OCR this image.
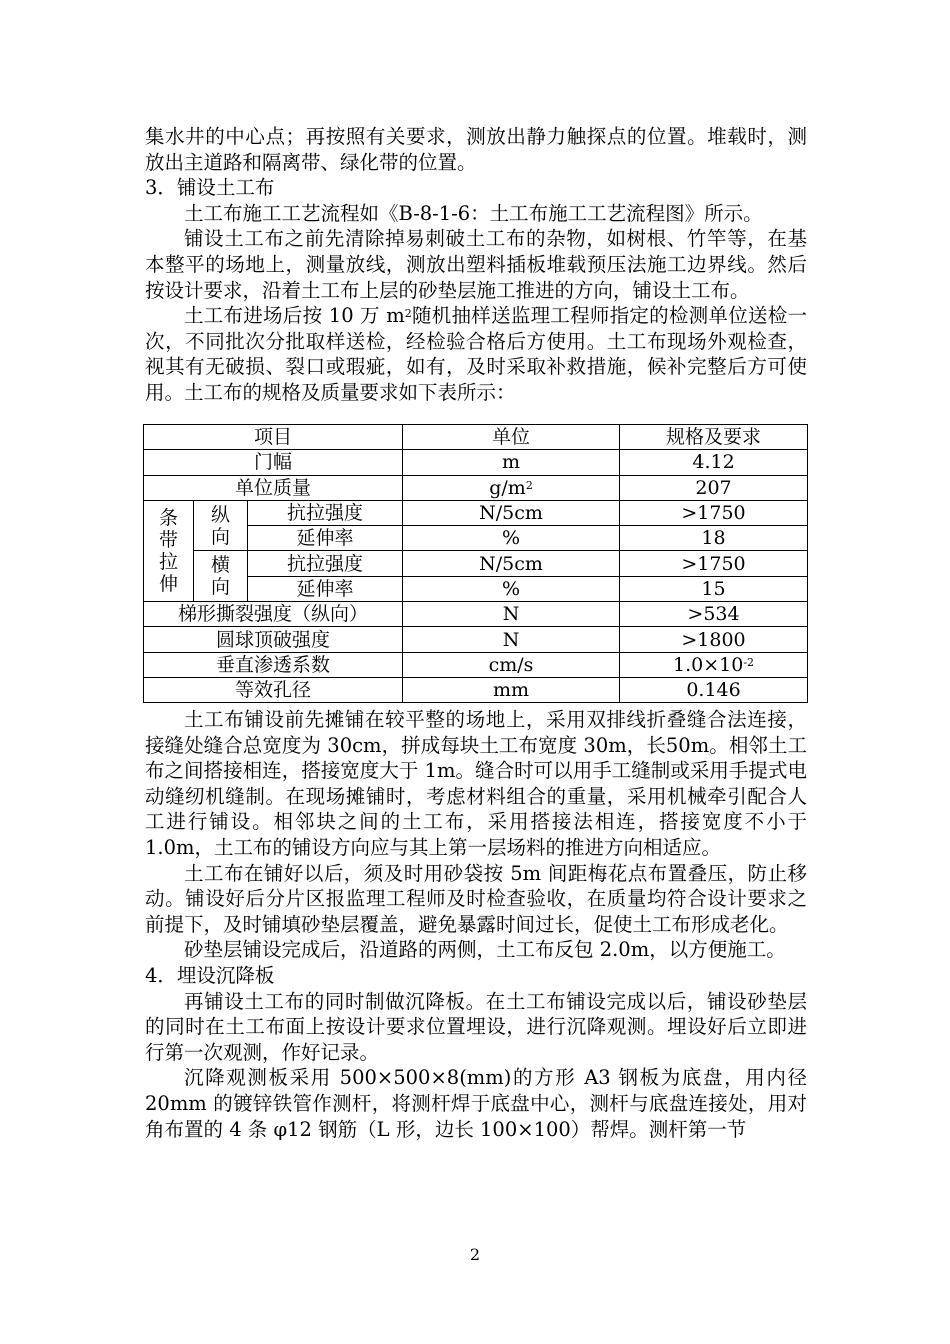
集水井的中心点；再按照有关要求，测放出静力触探点的位置。堆载时，测放出主道路和隔离带、绿化带的位置。

3．铺设土工布

土工布施工工艺流程如《B-8-1-6：土工布施工工艺流程图》所示。

铺设土工布之前先清除掉易刺破土工布的杂物，如树根、竹竿等，在基本整平的场地上，测量放线，测放出塑料插板堆载预压法施工边界线。然后按设计要求，沿着土工布上层的砂垫层施工推进的方向，铺设土工布。

土工布进场后按 10 万 $m^2$随机抽样送监理工程师指定的检测单位送检一次，不同批次分批取样送检，经检验合格后方使用。土工布现场外观检查，视其有无破损、裂口或瑕疵，如有，及时采取补救措施，候补完整后方可使用。土工布的规格及质量要求如下表所示：

项目			单位	规格及要求
门幅			m	4.12
单位质量			$g/m^2$	207

条带拉伸	纵向	抗拉强度	N/5cm	>1750
		延伸率	%	18

	横向	抗拉强度	N/5cm	>1750
		延伸率	%	15
梯形撕裂强度（纵向）			N	>534
圆球顶破强度			N	>1800
垂直渗透系数			cm/s	$1.0\times 10^{-2}$
等效孔径			mm	0.146

土工布铺设前先摊铺在较平整的场地上，采用双排线折叠缝合法连接，接缝处缝合总宽度为 30cm，拼成每块土工布宽度 30m，长50m。相邻土工布之间搭接相连，搭接宽度大于 1m。缝合时可以用手工缝制或采用手提式电动缝纫机缝制。在现场摊铺时，考虑材料组合的重量，采用机械牵引配合人工进行铺设。相邻块之间的土工布，采用搭接法相连，搭接宽度不小于 1.0m，土工布的铺设方向应与其上第一层场料的推进方向相适应。

土工布在铺好以后，须及时用砂袋按 5m 间距梅花点布置叠压，防止移动。铺设好后分片区报监理工程师及时检查验收，在质量均符合设计要求之前提下，及时铺填砂垫层覆盖，避免暴露时间过长，促使土工布形成老化。

砂垫层铺设完成后，沿道路的两侧，土工布反包 2.0m，以方便施工。

4．埋设沉降板

再铺设土工布的同时制做沉降板。在土工布铺设完成以后，铺设砂垫层的同时在土工布面上按设计要求位置埋设，进行沉降观测。埋设好后立即进行第一次观测，作好记录。

沉降观测板采用 500×500×8(mm)的方形 A3 钢板为底盘，用内径20mm 的镀锌铁管作测杆，将测杆焊于底盘中心，测杆与底盘连接处，用对角布置的 4 条 φ12 钢筋（L 形，边长 100×100）帮焊。测杆第一节

2
